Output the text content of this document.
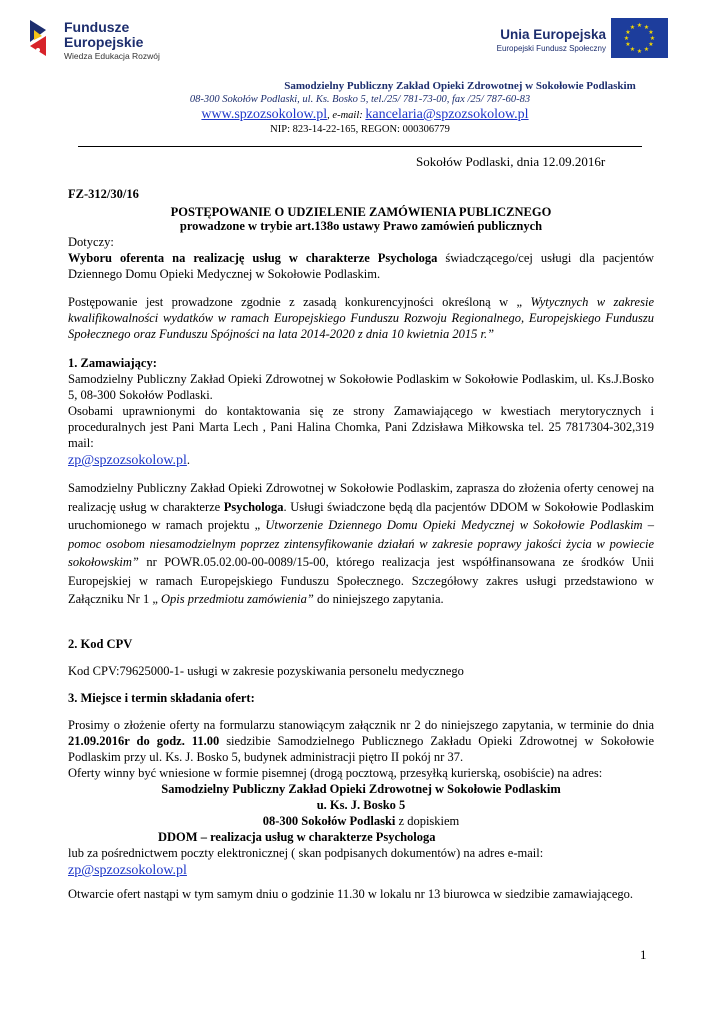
Fundusze
Europejskie
Wiedza Edukacja Rozwój
Unia Europejska
Europejski Fundusz Społeczny
★ ★
★
★
★
★
★
★
★
★
★
★
Samodzielny Publiczny Zakład Opieki Zdrowotnej w Sokołowie Podlaskim
08-300 Sokołów Podlaski, ul. Ks. Bosko 5, tel./25/ 781-73-00, fax /25/ 787-60-83
www.spzozsokolow.pl, e-mail: kancelaria@spzozsokolow.pl
NIP: 823-14-22-165, REGON: 000306779
Sokołów Podlaski, dnia 12.09.2016r
FZ-312/30/16
POSTĘPOWANIE O UDZIELENIE ZAMÓWIENIA PUBLICZNEGO
prowadzone w trybie art.138o ustawy Prawo zamówień publicznych
Dotyczy:
Wyboru oferenta na realizację usług w charakterze Psychologa świadczącego/cej usługi dla pacjentów Dziennego Domu Opieki Medycznej w Sokołowie Podlaskim.
Postępowanie jest prowadzone zgodnie z zasadą konkurencyjności określoną w „ Wytycznych w zakresie kwalifikowalności wydatków w ramach Europejskiego Funduszu Rozwoju Regionalnego, Europejskiego Funduszu Społecznego oraz Funduszu Spójności na lata 2014-2020 z dnia 10 kwietnia 2015 r.”
1. Zamawiający:
Samodzielny Publiczny Zakład Opieki Zdrowotnej w Sokołowie Podlaskim w Sokołowie Podlaskim, ul. Ks.J.Bosko 5, 08-300 Sokołów Podlaski.
Osobami uprawnionymi do kontaktowania się ze strony Zamawiającego w kwestiach merytorycznych i proceduralnych jest Pani Marta Lech , Pani Halina Chomka, Pani Zdzisława Miłkowska tel. 25 7817304-302,319 mail:
zp@spzozsokolow.pl.
Samodzielny Publiczny Zakład Opieki Zdrowotnej w Sokołowie Podlaskim, zaprasza do złożenia oferty cenowej na realizację usług w charakterze Psychologa. Usługi świadczone będą dla pacjentów DDOM w Sokołowie Podlaskim uruchomionego w ramach projektu „ Utworzenie Dziennego Domu Opieki Medycznej w Sokołowie Podlaskim – pomoc osobom niesamodzielnym poprzez zintensyfikowanie działań w zakresie poprawy jakości życia w powiecie sokołowskim” nr POWR.05.02.00-00-0089/15-00, którego realizacja jest współfinansowana ze środków Unii Europejskiej w ramach Europejskiego Funduszu Społecznego. Szczegółowy zakres usługi przedstawiono w Załączniku Nr 1 „ Opis przedmiotu zamówienia” do niniejszego zapytania.
2. Kod CPV
Kod CPV:79625000-1- usługi w zakresie pozyskiwania personelu medycznego
3. Miejsce i termin składania ofert:
Prosimy o złożenie oferty na formularzu stanowiącym załącznik nr 2 do niniejszego zapytania, w terminie do dnia 21.09.2016r do godz. 11.00 siedzibie Samodzielnego Publicznego Zakładu Opieki Zdrowotnej w Sokołowie Podlaskim przy ul. Ks. J. Bosko 5, budynek administracji piętro II pokój nr 37.
Oferty winny być wniesione w formie pisemnej (drogą pocztową, przesyłką kurierską, osobiście) na adres:
Samodzielny Publiczny Zakład Opieki Zdrowotnej w Sokołowie Podlaskim
u. Ks. J. Bosko 5
08-300 Sokołów Podlaski z dopiskiem
DDOM – realizacja usług w charakterze Psychologa
lub za pośrednictwem poczty elektronicznej ( skan podpisanych dokumentów) na adres e-mail:
zp@spzozsokolow.pl
Otwarcie ofert nastąpi w tym samym dniu o godzinie 11.30 w lokalu nr 13 biurowca w siedzibie zamawiającego.
1
